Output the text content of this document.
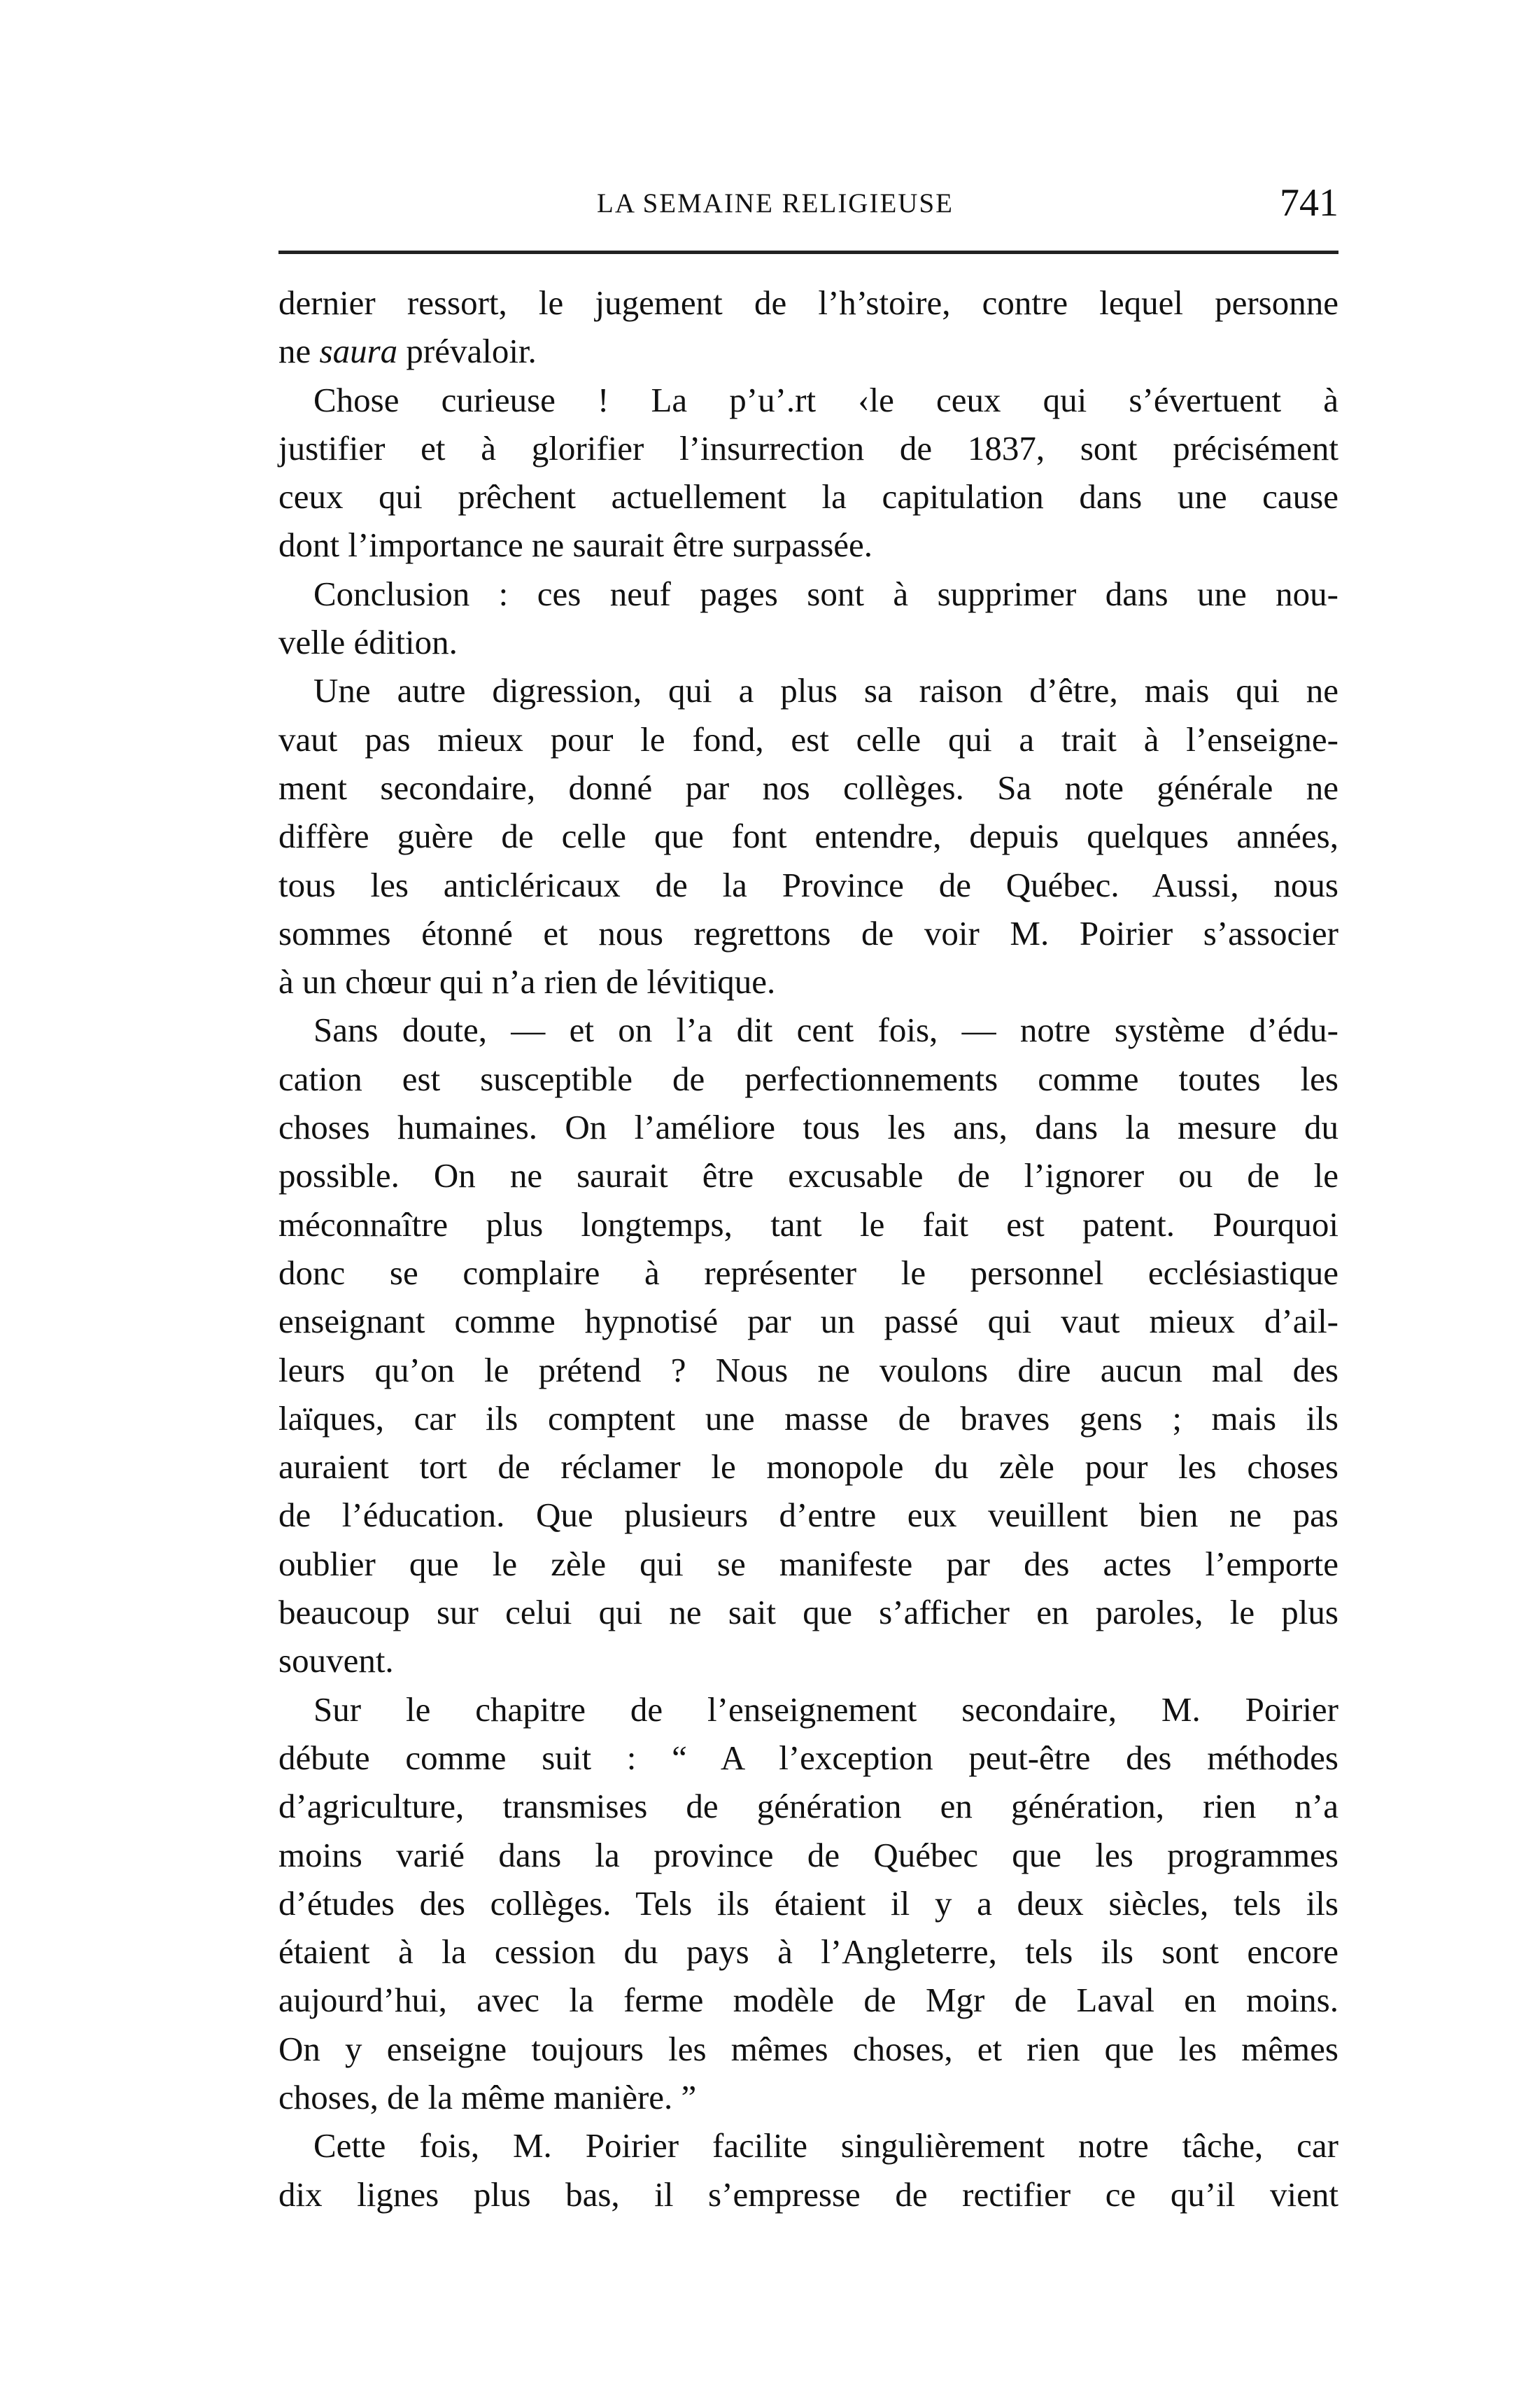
LA SEMAINE RELIGIEUSE	741
dernier ressort, le jugement de l’h’stoire, contre lequel personne
ne saura prévaloir.
Chose curieuse ! La p’u’.rt ‹le ceux qui s’évertuent à
justifier et à glorifier l’insurrection de 1837, sont précisément
ceux qui prêchent actuellement la capitulation dans une cause
dont l’importance ne saurait être surpassée.
Conclusion : ces neuf pages sont à supprimer dans une nou-
velle édition.
Une autre digression, qui a plus sa raison d’être, mais qui ne
vaut pas mieux pour le fond, est celle qui a trait à l’enseigne-
ment secondaire, donné par nos collèges. Sa note générale ne
diffère guère de celle que font entendre, depuis quelques années,
tous les anticléricaux de la Province de Québec. Aussi, nous
sommes étonné et nous regrettons de voir M. Poirier s’associer
à un chœur qui n’a rien de lévitique.
Sans doute, — et on l’a dit cent fois, — notre système d’édu-
cation est susceptible de perfectionnements comme toutes les
choses humaines. On l’améliore tous les ans, dans la mesure du
possible. On ne saurait être excusable de l’ignorer ou de le
méconnaître plus longtemps, tant le fait est patent. Pourquoi
donc se complaire à représenter le personnel ecclésiastique
enseignant comme hypnotisé par un passé qui vaut mieux d’ail-
leurs qu’on le prétend ? Nous ne voulons dire aucun mal des
laïques, car ils comptent une masse de braves gens ; mais ils
auraient tort de réclamer le monopole du zèle pour les choses
de l’éducation. Que plusieurs d’entre eux veuillent bien ne pas
oublier que le zèle qui se manifeste par des actes l’emporte
beaucoup sur celui qui ne sait que s’afficher en paroles, le plus
souvent.
Sur le chapitre de l’enseignement secondaire, M. Poirier
débute comme suit : “ A l’exception peut-être des méthodes
d’agriculture, transmises de génération en génération, rien n’a
moins varié dans la province de Québec que les programmes
d’études des collèges. Tels ils étaient il y a deux siècles, tels ils
étaient à la cession du pays à l’Angleterre, tels ils sont encore
aujourd’hui, avec la ferme modèle de Mgr de Laval en moins.
On y enseigne toujours les mêmes choses, et rien que les mêmes
choses, de la même manière. ”
Cette fois, M. Poirier facilite singulièrement notre tâche, car
dix lignes plus bas, il s’empresse de rectifier ce qu’il vient
